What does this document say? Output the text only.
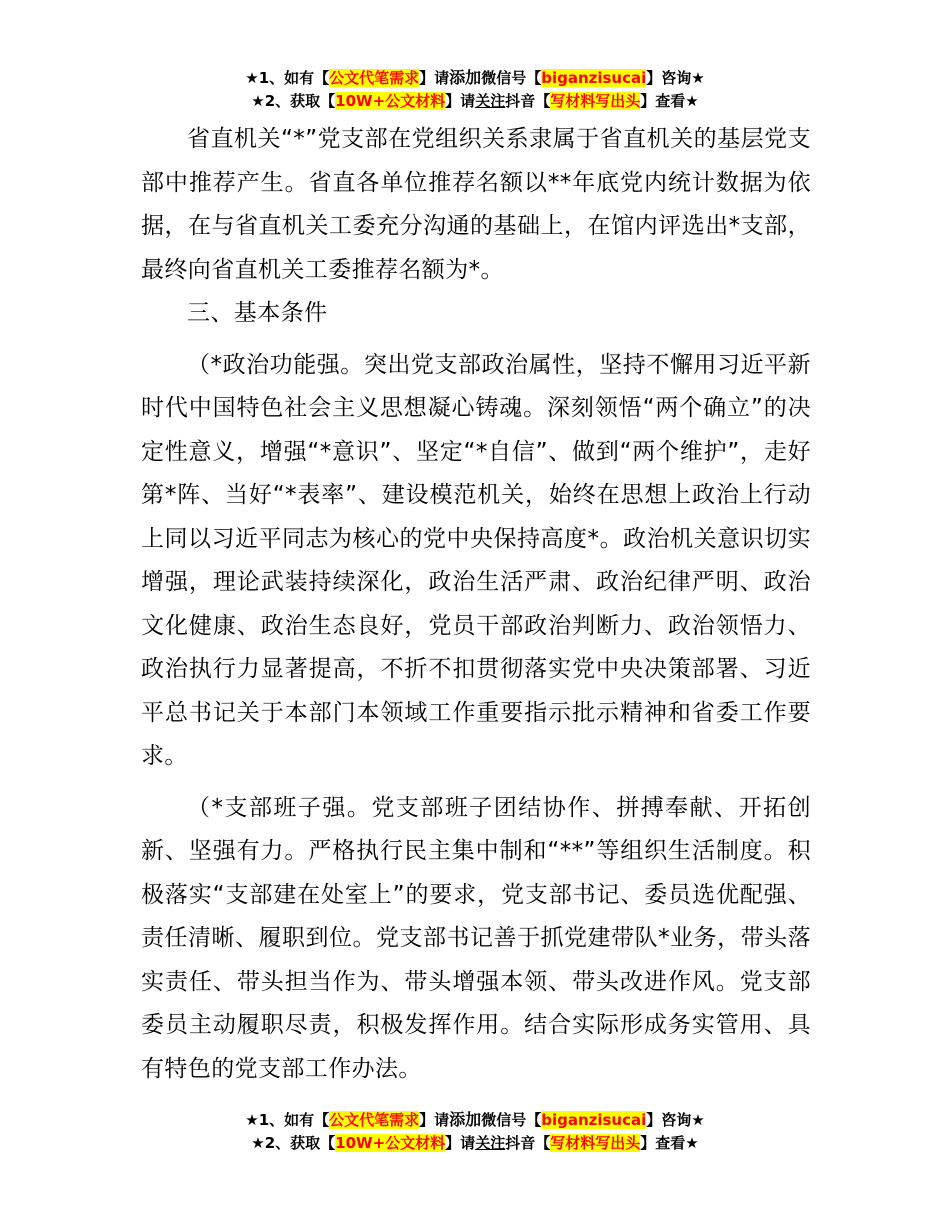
★1、如有【公文代笔需求】请添加微信号【biganzisucai】咨询★
★2、获取【10W+公文材料】请关注抖音【写材料写出头】查看★

省直机关“*”党支部在党组织关系隶属于省直机关的基层党支部中推荐产生。省直各单位推荐名额以**年底党内统计数据为依据，在与省直机关工委充分沟通的基础上，在馆内评选出*支部，最终向省直机关工委推荐名额为*。

三、基本条件

（*政治功能强。突出党支部政治属性，坚持不懈用习近平新时代中国特色社会主义思想凝心铸魂。深刻领悟“两个确立”的决定性意义，增强“*意识”、坚定“*自信”、做到“两个维护”，走好第*阵、当好“*表率”、建设模范机关，始终在思想上政治上行动上同以习近平同志为核心的党中央保持高度*。政治机关意识切实增强，理论武装持续深化，政治生活严肃、政治纪律严明、政治文化健康、政治生态良好，党员干部政治判断力、政治领悟力、政治执行力显著提高，不折不扣贯彻落实党中央决策部署、习近平总书记关于本部门本领域工作重要指示批示精神和省委工作要求。

（*支部班子强。党支部班子团结协作、拼搏奉献、开拓创新、坚强有力。严格执行民主集中制和“**”等组织生活制度。积极落实“支部建在处室上”的要求，党支部书记、委员选优配强、责任清晰、履职到位。党支部书记善于抓党建带队*业务，带头落实责任、带头担当作为、带头增强本领、带头改进作风。党支部委员主动履职尽责，积极发挥作用。结合实际形成务实管用、具有特色的党支部工作办法。

★1、如有【公文代笔需求】请添加微信号【biganzisucai】咨询★
★2、获取【10W+公文材料】请关注抖音【写材料写出头】查看★
